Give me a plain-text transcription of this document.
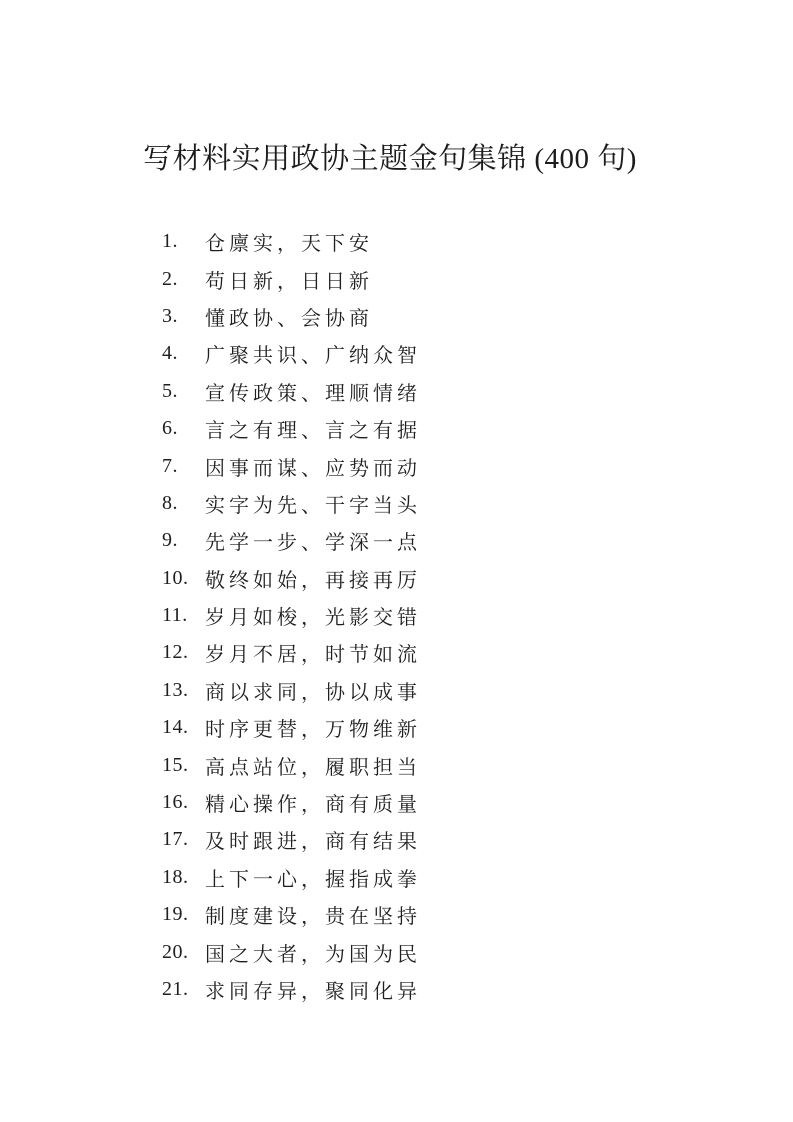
写材料实用政协主题金句集锦 (400 句)
1.	仓廪实，天下安
2.	苟日新，日日新
3.	懂政协、会协商
4.	广聚共识、广纳众智
5.	宣传政策、理顺情绪
6.	言之有理、言之有据
7.	因事而谋、应势而动
8.	实字为先、干字当头
9.	先学一步、学深一点
10. 敬终如始，再接再厉
11. 岁月如梭，光影交错
12. 岁月不居，时节如流
13. 商以求同，协以成事
14. 时序更替，万物维新
15. 高点站位，履职担当
16. 精心操作，商有质量
17. 及时跟进，商有结果
18. 上下一心，握指成拳
19. 制度建设，贵在坚持
20. 国之大者，为国为民
21. 求同存异，聚同化异
